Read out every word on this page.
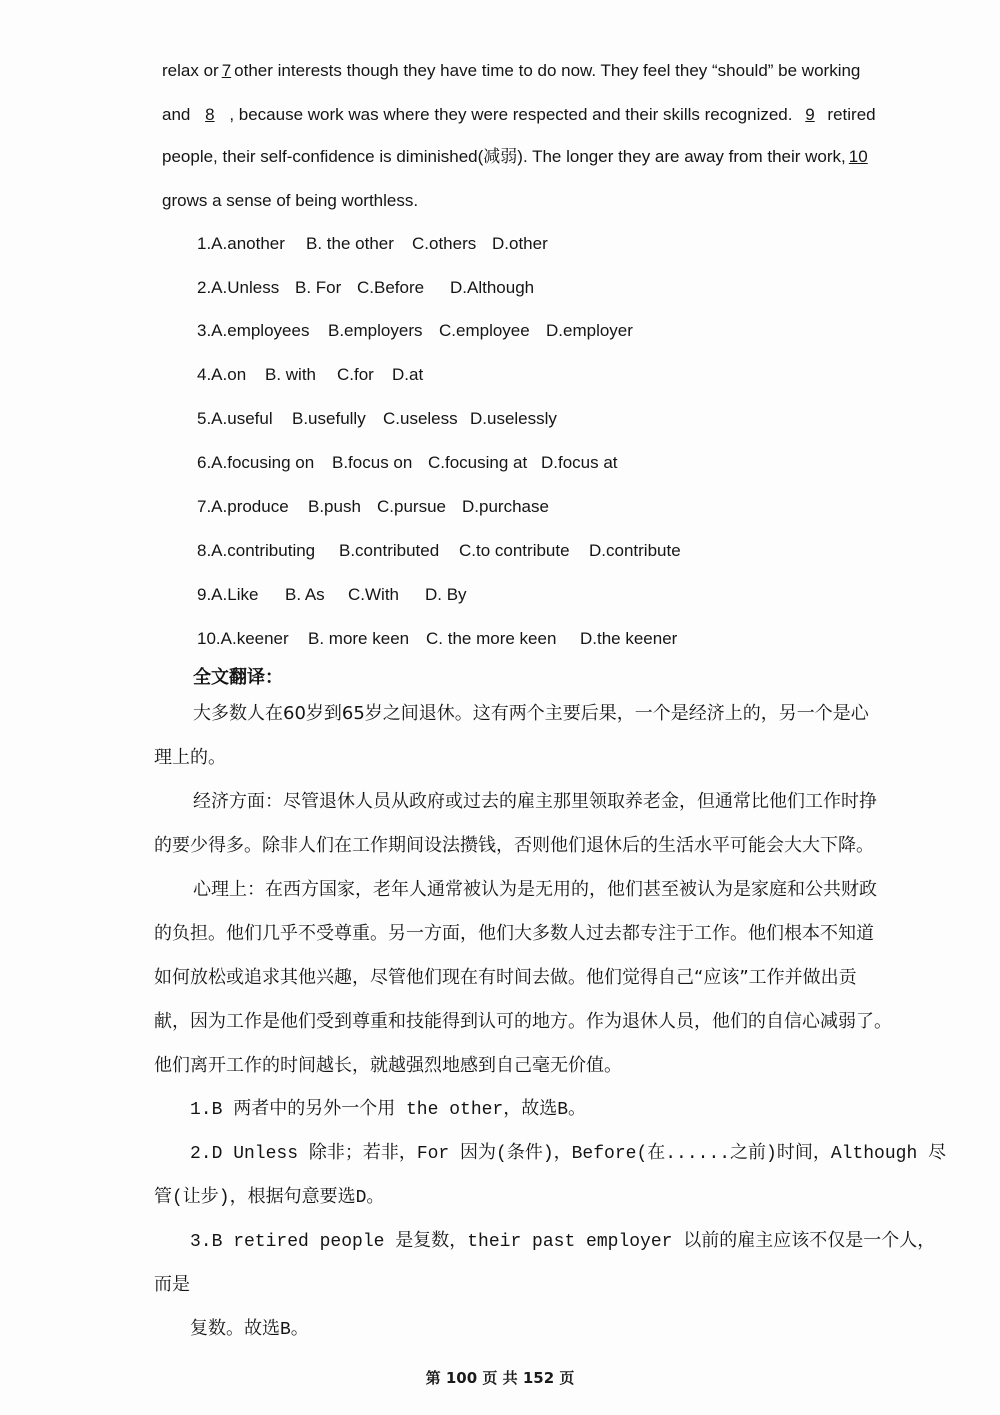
relax or 7 other interests though they have time to do now. They feel they “should” be working
and 8 , because work was where they were respected and their skills recognized. 9 retired
people, their self-confidence is diminished(减弱). The longer they are away from their work, 10
grows a sense of being worthless.
1.A.another B. the other C.others D.other
2.A.Unless B. For C.Before D.Although
3.A.employees B.employers C.employee D.employer
4.A.on B. with C.for D.at
5.A.useful B.usefully C.useless D.uselessly
6.A.focusing on B.focus on C.focusing at D.focus at
7.A.produce B.push C.pursue D.purchase
8.A.contributing B.contributed C.to contribute D.contribute
9.A.Like B. As C.With D. By
10.A.keener B. more keen C. the more keen D.the keener
全文翻译：
大多数人在60岁到65岁之间退休。这有两个主要后果，一个是经济上的，另一个是心
理上的。
经济方面：尽管退休人员从政府或过去的雇主那里领取养老金，但通常比他们工作时挣
的要少得多。除非人们在工作期间设法攒钱，否则他们退休后的生活水平可能会大大下降。
心理上：在西方国家，老年人通常被认为是无用的，他们甚至被认为是家庭和公共财政
的负担。他们几乎不受尊重。另一方面，他们大多数人过去都专注于工作。他们根本不知道
如何放松或追求其他兴趣，尽管他们现在有时间去做。他们觉得自己“应该”工作并做出贡
献，因为工作是他们受到尊重和技能得到认可的地方。作为退休人员，他们的自信心减弱了。
他们离开工作的时间越长，就越强烈地感到自己毫无价值。
1.B 两者中的另外一个用 the other，故选B。
2.D Unless 除非；若非，For 因为(条件)，Before(在......之前)时间，Although 尽
管(让步)，根据句意要选D。
3.B retired people 是复数，their past employer 以前的雇主应该不仅是一个人，
而是
复数。故选B。
第 100 页 共 152 页
